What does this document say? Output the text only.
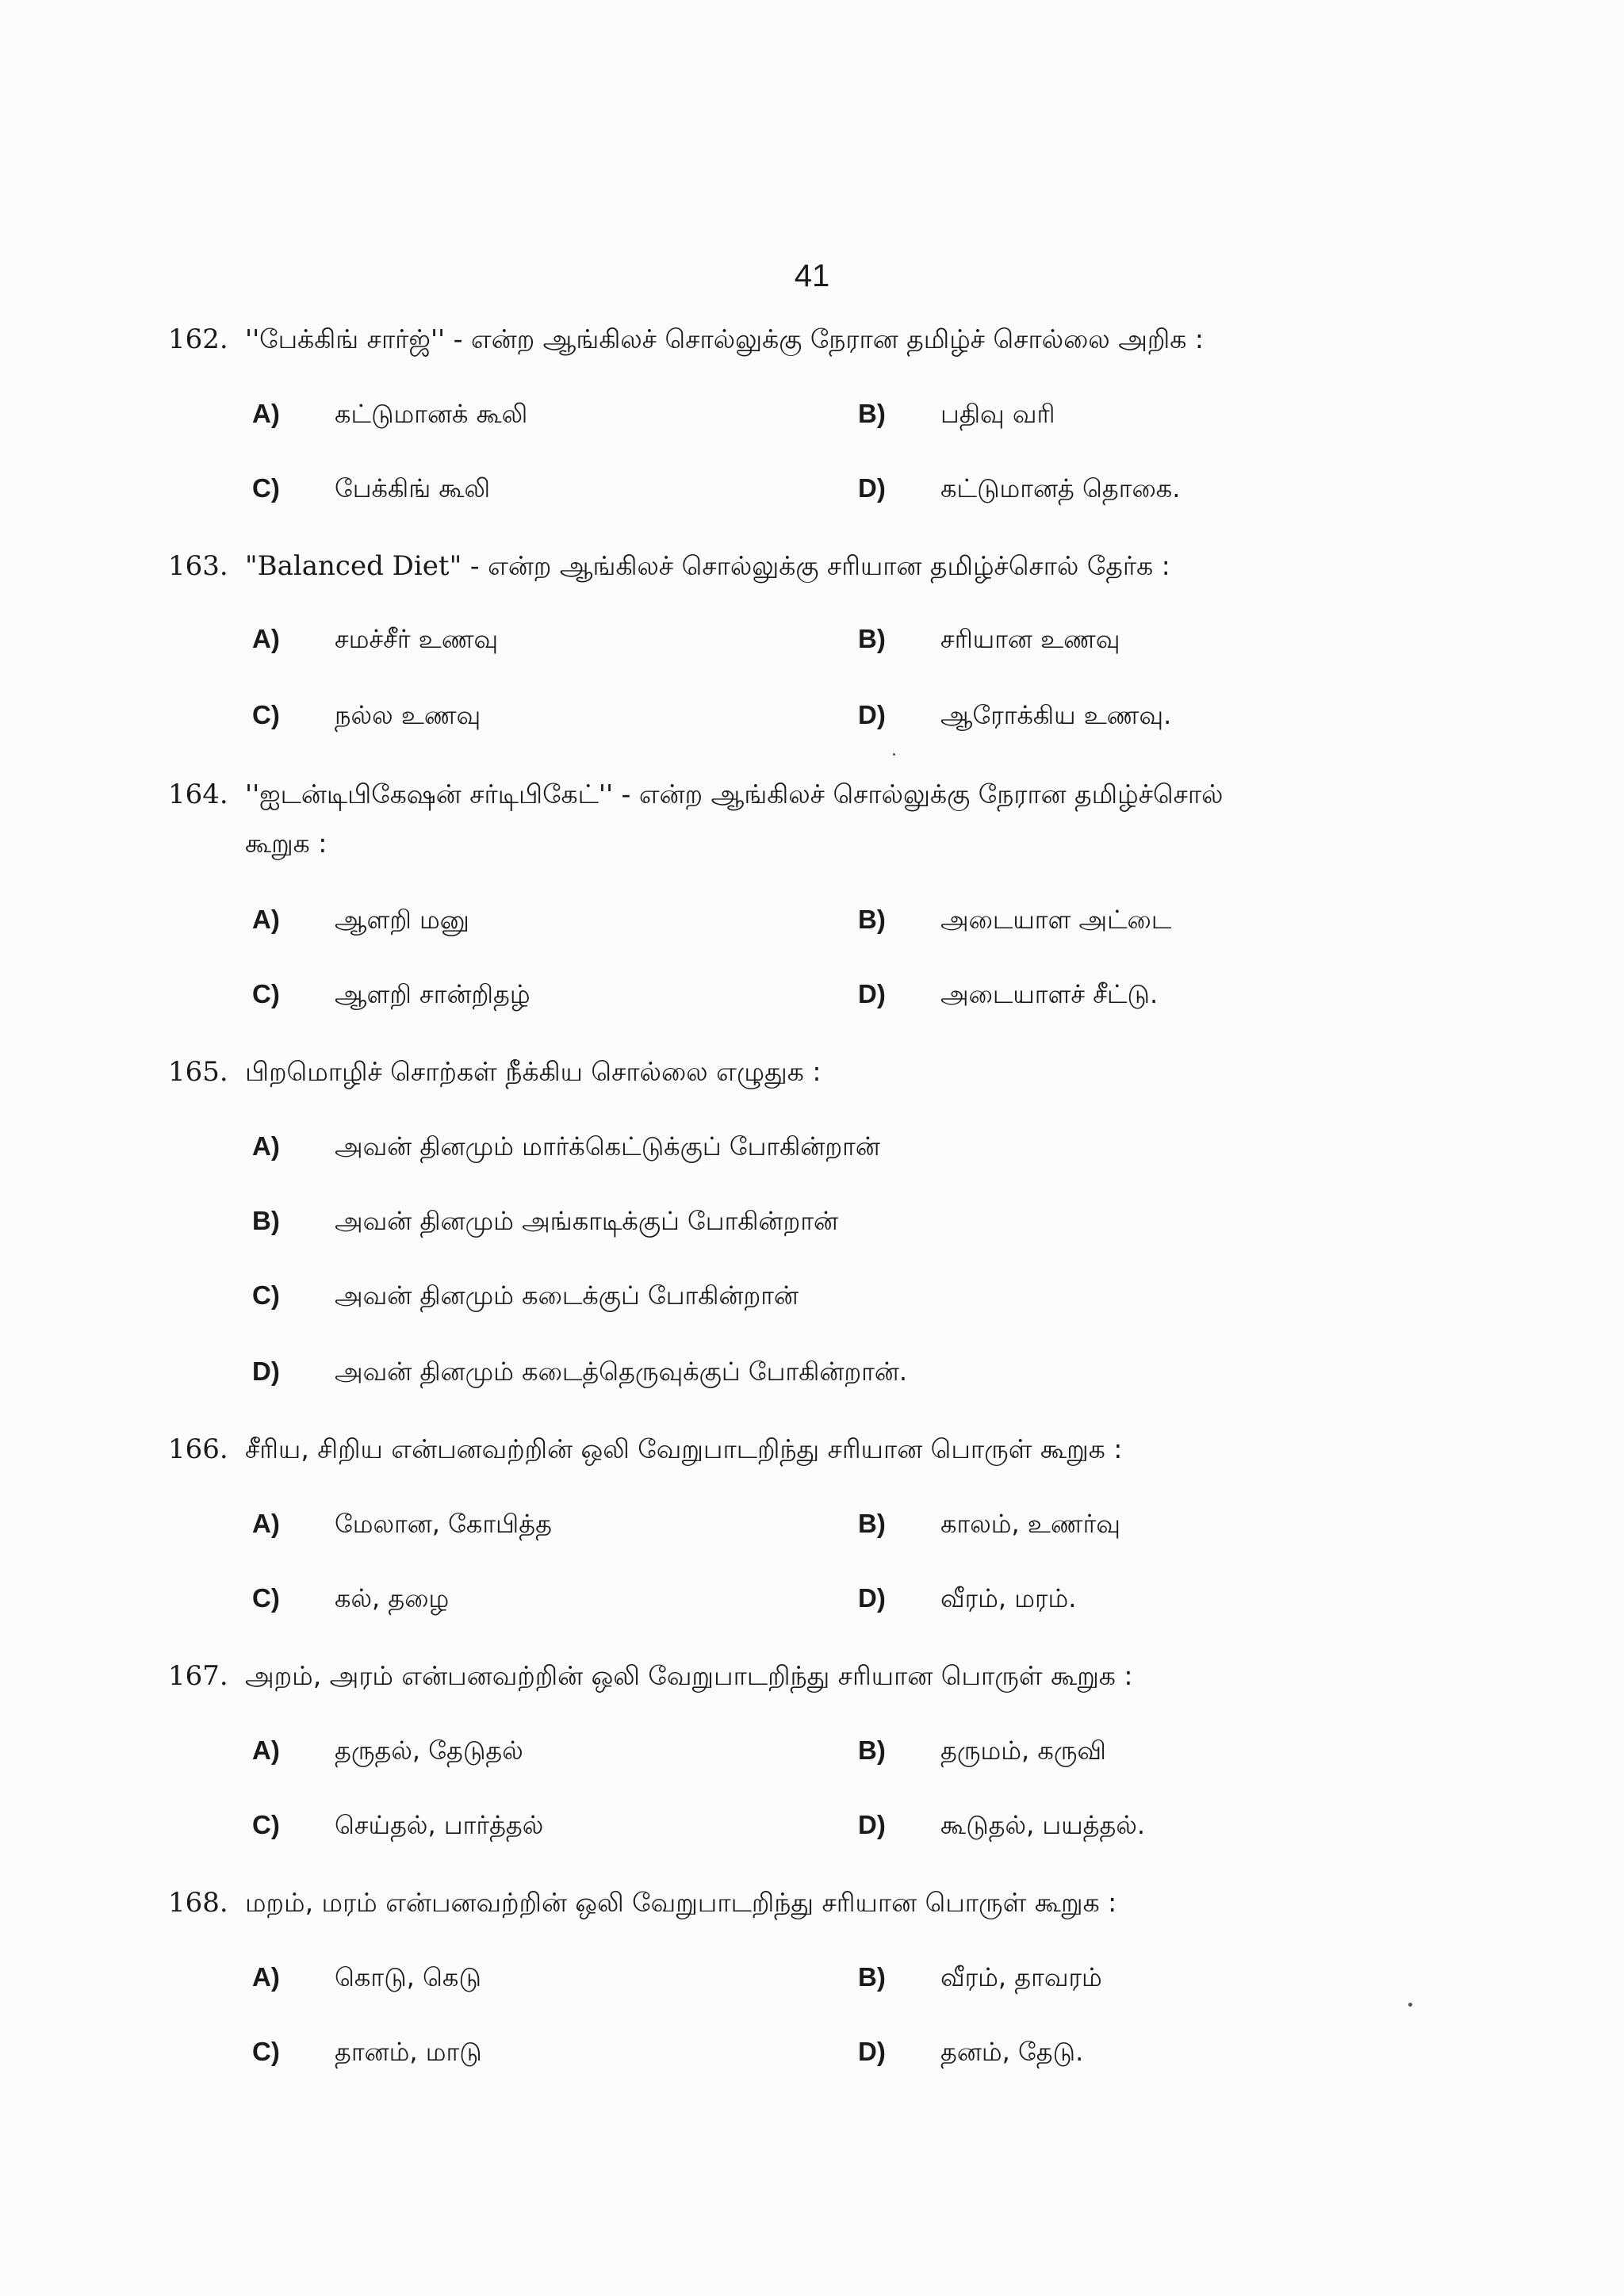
41
162. ''பேக்கிங் சார்ஜ்'' - என்ற ஆங்கிலச் சொல்லுக்கு நேரான தமிழ்ச் சொல்லை அறிக :
A) கட்டுமானக் கூலி	B) பதிவு வரி
C) பேக்கிங் கூலி	D) கட்டுமானத் தொகை.
163. "Balanced Diet" - என்ற ஆங்கிலச் சொல்லுக்கு சரியான தமிழ்ச்சொல் தேர்க :
A) சமச்சீர் உணவு	B) சரியான உணவு
C) நல்ல உணவு	D) ஆரோக்கிய உணவு.
164. ''ஐடன்டிபிகேஷன் சர்டிபிகேட்'' - என்ற ஆங்கிலச் சொல்லுக்கு நேரான தமிழ்ச்சொல்
கூறுக :
A) ஆளறி மனு	B) அடையாள அட்டை
C) ஆளறி சான்றிதழ்	D) அடையாளச் சீட்டு.
165. பிறமொழிச் சொற்கள் நீக்கிய சொல்லை எழுதுக :
A) அவன் தினமும் மார்க்கெட்டுக்குப் போகின்றான்
B) அவன் தினமும் அங்காடிக்குப் போகின்றான்
C) அவன் தினமும் கடைக்குப் போகின்றான்
D) அவன் தினமும் கடைத்தெருவுக்குப் போகின்றான்.
166. சீரிய, சிறிய என்பனவற்றின் ஒலி வேறுபாடறிந்து சரியான பொருள் கூறுக :
A) மேலான, கோபித்த	B) காலம், உணர்வு
C) கல், தழை	D) வீரம், மரம்.
167. அறம், அரம் என்பனவற்றின் ஒலி வேறுபாடறிந்து சரியான பொருள் கூறுக :
A) தருதல், தேடுதல்	B) தருமம், கருவி
C) செய்தல், பார்த்தல்	D) கூடுதல், பயத்தல்.
168. மறம், மரம் என்பனவற்றின் ஒலி வேறுபாடறிந்து சரியான பொருள் கூறுக :
A) கொடு, கெடு	B) வீரம், தாவரம்
C) தானம், மாடு	D) தனம், தேடு.
